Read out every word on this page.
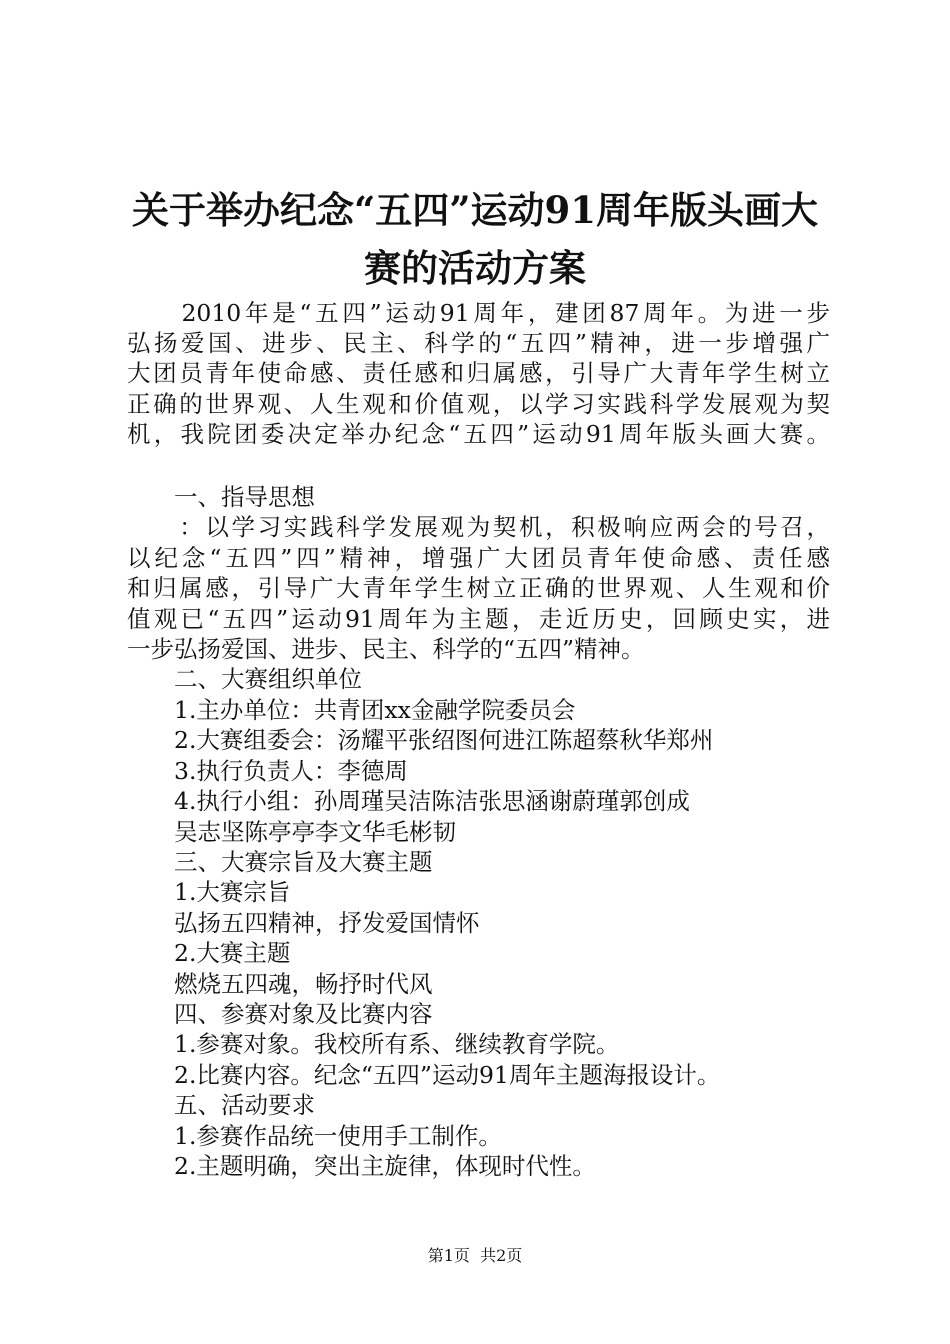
关于举办纪念“五四”运动91周年版头画大
赛的活动方案
　　2010年是“五四”运动91周年，建团87周年。为进一步
弘扬爱国、进步、民主、科学的“五四”精神，进一步增强广
大团员青年使命感、责任感和归属感，引导广大青年学生树立
正确的世界观、人生观和价值观，以学习实践科学发展观为契
机，我院团委决定举办纪念“五四”运动91周年版头画大赛。
　　一、指导思想
　　：以学习实践科学发展观为契机，积极响应两会的号召，
以纪念“五四”四”精神，增强广大团员青年使命感、责任感
和归属感，引导广大青年学生树立正确的世界观、人生观和价
值观已“五四”运动91周年为主题，走近历史，回顾史实，进
一步弘扬爱国、进步、民主、科学的“五四”精神。
　　二、大赛组织单位
　　1.主办单位：共青团xx金融学院委员会
　　2.大赛组委会：汤耀平张绍图何进江陈超蔡秋华郑州
　　3.执行负责人：李德周
　　4.执行小组：孙周瑾吴洁陈洁张思涵谢蔚瑾郭创成
　　吴志坚陈亭亭李文华毛彬韧
　　三、大赛宗旨及大赛主题
　　1.大赛宗旨
　　弘扬五四精神，抒发爱国情怀
　　2.大赛主题
　　燃烧五四魂，畅抒时代风
　　四、参赛对象及比赛内容
　　1.参赛对象。我校所有系、继续教育学院。
　　2.比赛内容。纪念“五四”运动91周年主题海报设计。
　　五、活动要求
　　1.参赛作品统一使用手工制作。
　　2.主题明确，突出主旋律，体现时代性。
第1页  共2页
